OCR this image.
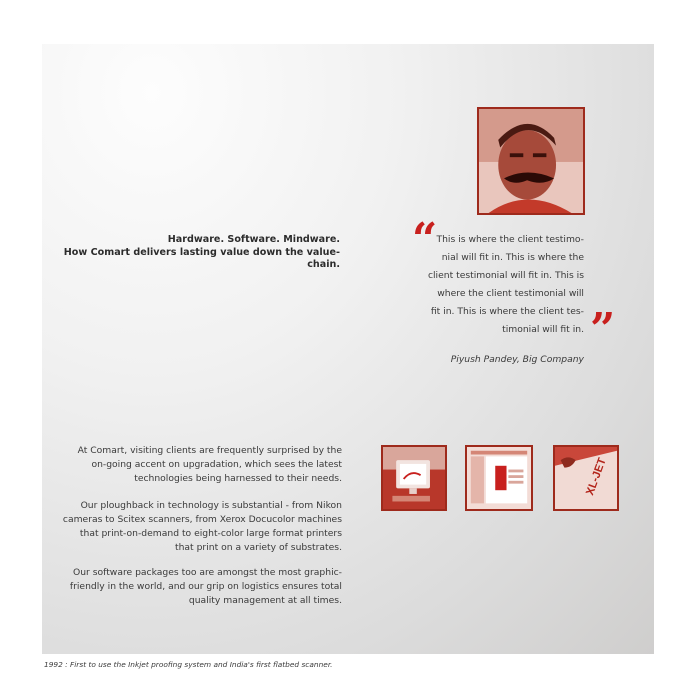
Hardware. Software. Mindware.
How Comart delivers lasting value down the value-chain. “ This is where the client testimo-
nial will fit in. This is where the
client testimonial will fit in. This is
where the client testimonial will
fit in. This is where the client tes-
timonial will fit in. ”
Piyush Pandey, Big Company
At Comart, visiting clients are frequently surprised by the
on-going accent on upgradation, which sees the latest
technologies being harnessed to their needs.
Our ploughback in technology is substantial - from Nikon
cameras to Scitex scanners, from Xerox Docucolor machines
that print-on-demand to eight-color large format printers
that print on a variety of substrates.
Our software packages too are amongst the most graphic-
friendly in the world, and our grip on logistics ensures total
quality management at all times.
XL-JET
1992 : First to use the Inkjet proofing system and India's first flatbed scanner.
